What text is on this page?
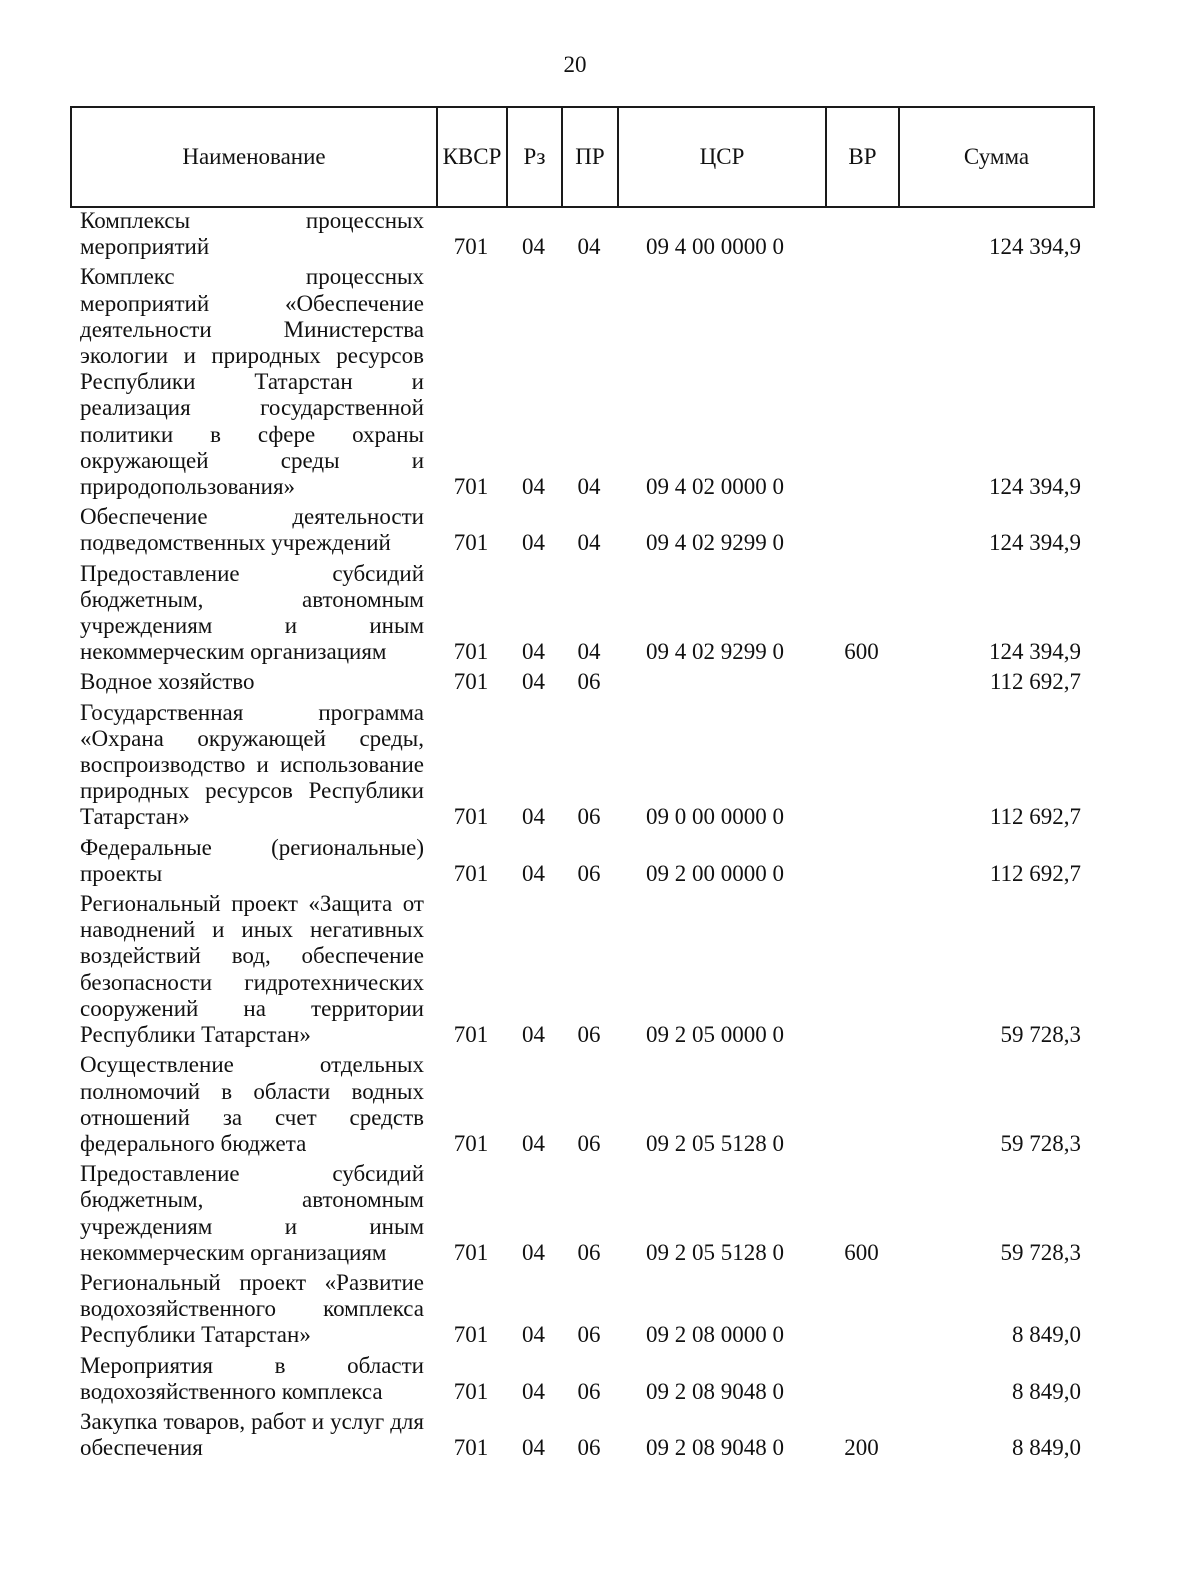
20
Наименование	КВСР	Рз	ПР	ЦСР	ВР	Сумма
Комплексы процессных мероприятий	701	04	04	09 4 00 0000 0		124 394,9
Комплекс процессных мероприятий «Обеспечение деятельности Министерства экологии и природных ресурсов Республики Татарстан и реализация государственной политики в сфере охраны окружающей среды и природопользования»	701	04	04	09 4 02 0000 0		124 394,9
Обеспечение деятельности подведомственных учреждений	701	04	04	09 4 02 9299 0		124 394,9
Предоставление субсидий бюджетным, автономным учреждениям и иным некоммерческим организациям	701	04	04	09 4 02 9299 0	600	124 394,9
Водное хозяйство	701	04	06			112 692,7
Государственная программа «Охрана окружающей среды, воспроизводство и использование природных ресурсов Республики Татарстан»	701	04	06	09 0 00 0000 0		112 692,7
Федеральные (региональные) проекты	701	04	06	09 2 00 0000 0		112 692,7
Региональный проект «Защита от наводнений и иных негативных воздействий вод, обеспечение безопасности гидротехнических сооружений на территории Республики Татарстан»	701	04	06	09 2 05 0000 0		59 728,3
Осуществление отдельных полномочий в области водных отношений за счет средств федерального бюджета	701	04	06	09 2 05 5128 0		59 728,3
Предоставление субсидий бюджетным, автономным учреждениям и иным некоммерческим организациям	701	04	06	09 2 05 5128 0	600	59 728,3
Региональный проект «Развитие водохозяйственного комплекса Республики Татарстан»	701	04	06	09 2 08 0000 0		8 849,0
Мероприятия в области водохозяйственного комплекса	701	04	06	09 2 08 9048 0		8 849,0
Закупка товаров, работ и услуг для обеспечения	701	04	06	09 2 08 9048 0	200	8 849,0
